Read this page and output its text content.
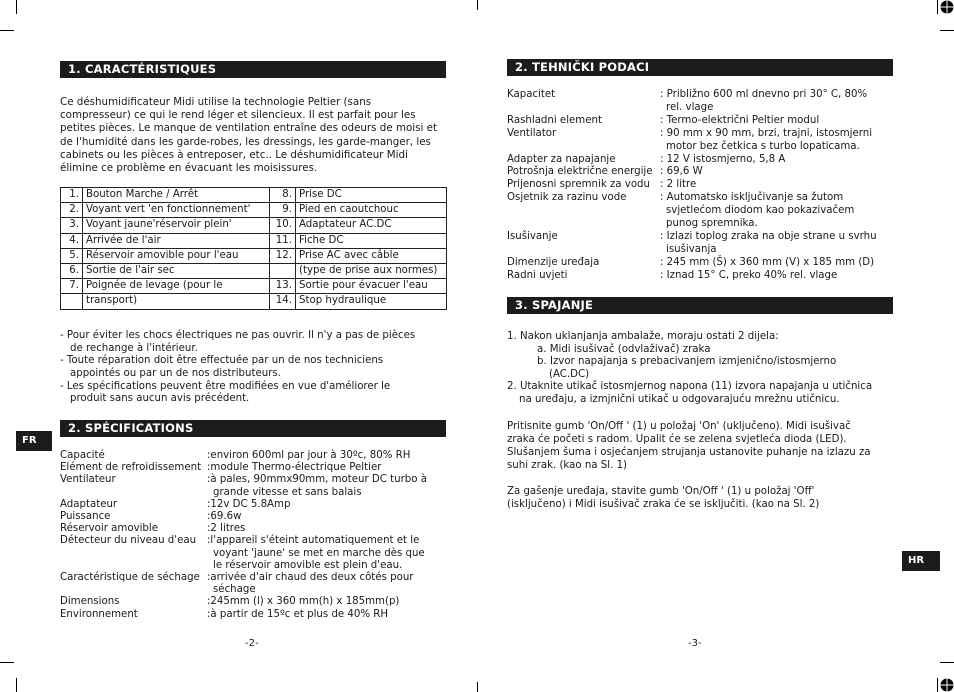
1. CARACTÉRISTIQUES
Ce déshumidificateur Midi utilise la technologie Peltier (sans
compresseur) ce qui le rend léger et silencieux. Il est parfait pour les
petites pièces. Le manque de ventilation entraîne des odeurs de moisi et
de l'humidité dans les garde-robes, les dressings, les garde-manger, les
cabinets ou les pièces à entreposer, etc.. Le déshumidificateur Midi
élimine ce problème en évacuant les moisissures.
1.	Bouton Marche / Arrêt	8.	Prise DC
2.	Voyant vert 'en fonctionnement'	9.	Pied en caoutchouc
3.	Voyant jaune'réservoir plein'	10.	Adaptateur AC.DC
4.	Arrivée de l'air	11.	Fiche DC
5.	Réservoir amovible pour l'eau	12.	Prise AC avec câble
6.	Sortie de l'air sec		(type de prise aux normes)
7.	Poignée de levage (pour le	13.	Sortie pour évacuer l'eau
	transport)	14.	Stop hydraulique
- Pour éviter les chocs électriques ne pas ouvrir. Il n'y a pas de pièces
de rechange à l'intérieur.
- Toute réparation doit être effectuée par un de nos techniciens
appointés ou par un de nos distributeurs.
- Les spécifications peuvent être modifiées en vue d'améliorer le
produit sans aucun avis précédent.
2. SPÉCIFICATIONS
Capacité	:environ 600ml par jour à 30ºc, 80% RH
Elément de refroidissement :module Thermo-électrique Peltier
Ventilateur	:à pales, 90mmx90mm, moteur DC turbo à
grande vitesse et sans balais
Adaptateur	:12v DC 5.8Amp
Puissance	:69.6w
Réservoir amovible	:2 litres
Détecteur du niveau d'eau :l'appareil s'éteint automatiquement et le
voyant 'jaune' se met en marche dès que
le réservoir amovible est plein d'eau.
Caractéristique de séchage :arrivée d'air chaud des deux côtés pour
séchage
Dimensions	:245mm (l) x 360 mm(h) x 185mm(p)
Environnement	:à partir de 15ºc et plus de 40% RH
FR
-2-
2. TEHNIČKI PODACI
Kapacitet	: Približno 600 ml dnevno pri 30° C, 80%
rel. vlage
Rashladni element	: Termo-električni Peltier modul
Ventilator	: 90 mm x 90 mm, brzi, trajni, istosmjerni
motor bez četkica s turbo lopaticama.
Adapter za napajanje	: 12 V istosmjerno, 5,8 A
Potrošnja električne energije : 69,6 W
Prijenosni spremnik za vodu : 2 litre
Osjetnik za razinu vode	: Automatsko isključivanje sa žutom
svjetlećom diodom kao pokazivačem
punog spremnika.
Isušivanje	: Izlazi toplog zraka na obje strane u svrhu
isušivanja
Dimenzije uređaja	: 245 mm (Š) x 360 mm (V) x 185 mm (D)
Radni uvjeti	: Iznad 15° C, preko 40% rel. vlage
3. SPAJANJE
1. Nakon uklanjanja ambalaže, moraju ostati 2 dijela:
a. Midi isušivač (odvlaživač) zraka
b. Izvor napajanja s prebacivanjem izmjenično/istosmjerno
(AC.DC)
2. Utaknite utikač istosmjernog napona (11) izvora napajanja u utičnica
na uređaju, a izmjnični utikač u odgovarajuću mrežnu utičnicu.
Pritisnite gumb 'On/Off ' (1) u položaj 'On' (uključeno). Midi isušivač
zraka će početi s radom. Upalit će se zelena svjetleća dioda (LED).
Slušanjem šuma i osjećanjem strujanja ustanovite puhanje na izlazu za
suhi zrak. (kao na Sl. 1)
Za gašenje uređaja, stavite gumb 'On/Off ' (1) u položaj 'Off'
(isključeno) i Midi isušivač zraka će se isključiti. (kao na Sl. 2)
HR
-3-
